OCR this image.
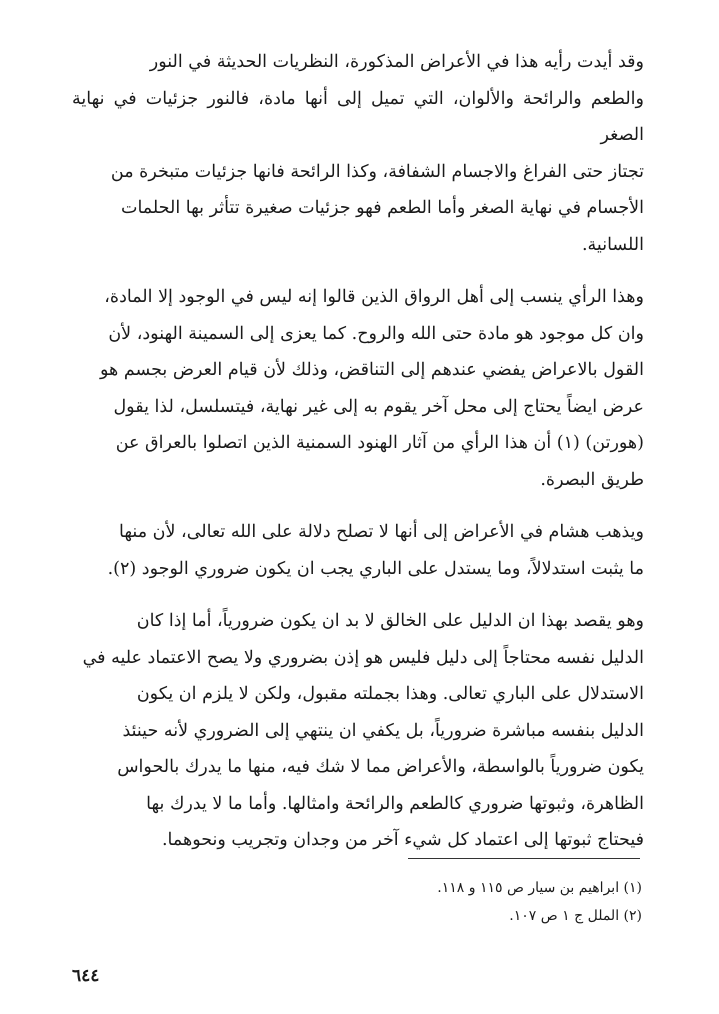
وقد أيدت رأيه هذا في الأعراض المذكورة، النظريات الحديثة في النور
والطعم والرائحة والألوان، التي تميل إلى أنها مادة، فالنور جزئيات في نهاية الصغر
تجتاز حتى الفراغ والاجسام الشفافة، وكذا الرائحة فانها جزئيات متبخرة من
الأجسام في نهاية الصغر وأما الطعم فهو جزئيات صغيرة تتأثر بها الحلمات
اللسانية.

وهذا الرأي ينسب إلى أهل الرواق الذين قالوا إنه ليس في الوجود إلا المادة،
وان كل موجود هو مادة حتى الله والروح. كما يعزى إلى السمينة الهنود، لأن
القول بالاعراض يفضي عندهم إلى التناقض، وذلك لأن قيام العرض بجسم هو
عرض ايضاً يحتاج إلى محل آخر يقوم به إلى غير نهاية، فيتسلسل، لذا يقول
(هورتن) (١) أن هذا الرأي من آثار الهنود السمنية الذين اتصلوا بالعراق عن
طريق البصرة.

ويذهب هشام في الأعراض إلى أنها لا تصلح دلالة على الله تعالى، لأن منها
ما يثبت استدلالاً، وما يستدل على الباري يجب ان يكون ضروري الوجود (٢).

وهو يقصد بهذا ان الدليل على الخالق لا بد ان يكون ضرورياً، أما إذا كان
الدليل نفسه محتاجاً إلى دليل فليس هو إذن بضروري ولا يصح الاعتماد عليه في
الاستدلال على الباري تعالى. وهذا بجملته مقبول، ولكن لا يلزم ان يكون
الدليل بنفسه مباشرة ضرورياً، بل يكفي ان ينتهي إلى الضروري لأنه حينئذ
يكون ضرورياً بالواسطة، والأعراض مما لا شك فيه، منها ما يدرك بالحواس
الظاهرة، وثبوتها ضروري كالطعم والرائحة وامثالها. وأما ما لا يدرك بها
فيحتاج ثبوتها إلى اعتماد كل شيء آخر من وجدان وتجريب ونحوهما.

(١) ابراهيم بن سيار ص ١١٥ و ١١٨.
(٢) الملل ج ١ ص ١٠٧.
٦٤٤
